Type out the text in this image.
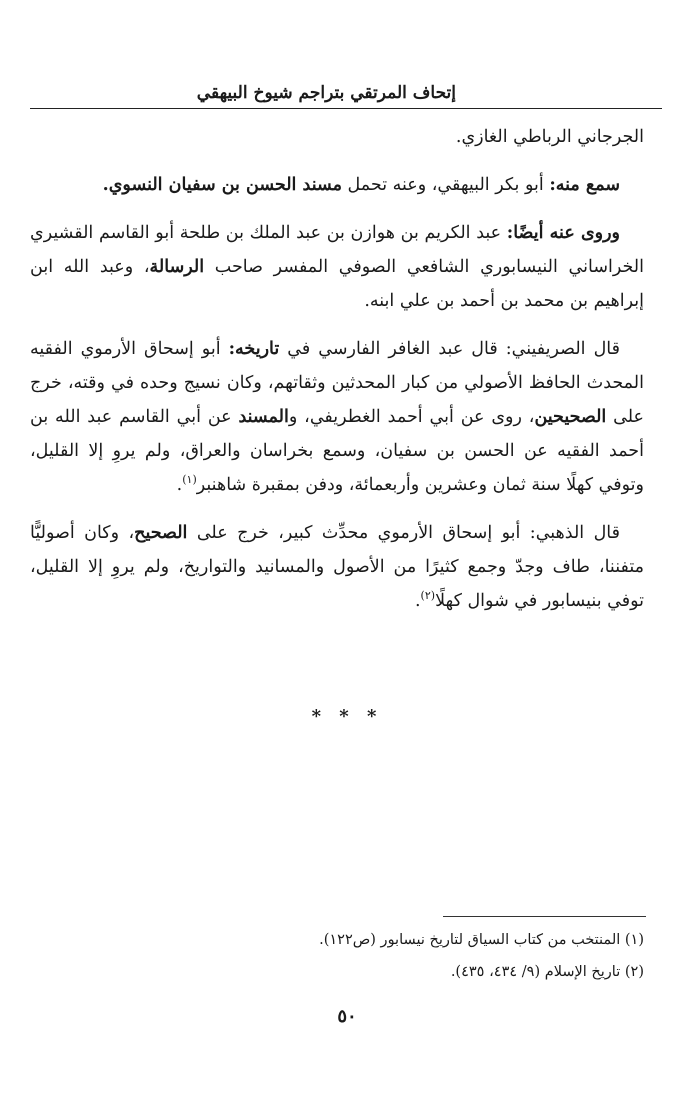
إتحاف المرتقي بتراجم شيوخ البيهقي

الجرجاني الرباطي الغازي.

سمع منه: أبو بكر البيهقي، وعنه تحمل مسند الحسن بن سفيان النسوي.

وروى عنه أيضًا: عبد الكريم بن هوازن بن عبد الملك بن طلحة أبو القاسم القشيري الخراساني النيسابوري الشافعي الصوفي المفسر صاحب الرسالة، وعبد الله ابن إبراهيم بن محمد بن أحمد بن علي ابنه.

قال الصريفيني: قال عبد الغافر الفارسي في تاريخه: أبو إسحاق الأرموي الفقيه المحدث الحافظ الأصولي من كبار المحدثين وثقاتهم، وكان نسيج وحده في وقته، خرج على الصحيحين، روى عن أبي أحمد الغطريفي، والمسند عن أبي القاسم عبد الله بن أحمد الفقيه عن الحسن بن سفيان، وسمع بخراسان والعراق، ولم يروِ إلا القليل، وتوفي كهلًا سنة ثمان وعشرين وأربعمائة، ودفن بمقبرة شاهنبر$^{(١)}$.

قال الذهبي: أبو إسحاق الأرموي محدِّث كبير، خرج على الصحيح، وكان أصوليًّا متفننا، طاف وجدّ وجمع كثيرًا من الأصول والمسانيد والتواريخ، ولم يروِ إلا القليل، توفي بنيسابور في شوال كهلًا$^{(٢)}$.

* * *
(١) المنتخب من كتاب السياق لتاريخ نيسابور (ص١٢٢).
(٢) تاريخ الإسلام (٩/ ٤٣٤، ٤٣٥).
٥٠
